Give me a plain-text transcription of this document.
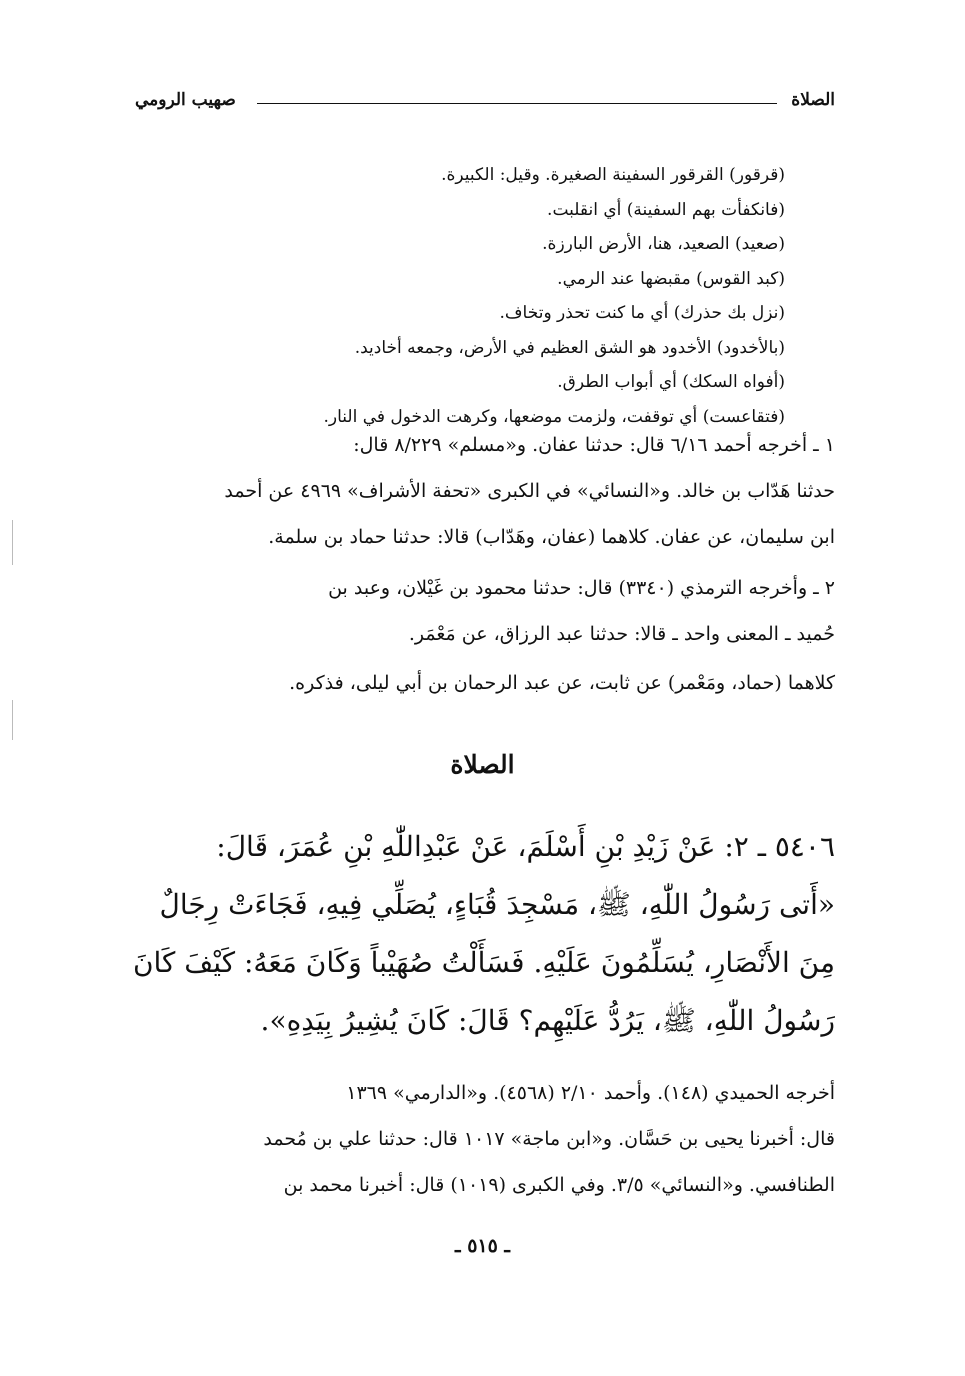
الصلاة
صهيب الرومي
(قرقور) القرقور السفينة الصغيرة. وقيل: الكبيرة.
(فانكفأت بهم السفينة) أي انقلبت.
(صعيد) الصعيد، هنا، الأرض البارزة.
(كبد القوس) مقبضها عند الرمي.
(نزل بك حذرك) أي ما كنت تحذر وتخاف.
(بالأخدود) الأخدود هو الشق العظيم في الأرض، وجمعه أخاديد.
(أفواه السكك) أي أبواب الطرق.
(فتقاعست) أي توقفت، ولزمت موضعها، وكرهت الدخول في النار.
١ ـ أخرجه أحمد ٦/١٦ قال: حدثنا عفان. و«مسلم» ٨/٢٢٩ قال:
حدثنا هَدّاب بن خالد. و«النسائي» في الكبرى «تحفة الأشراف» ٤٩٦٩ عن أحمد
ابن سليمان، عن عفان. كلاهما (عفان، وهَدّاب) قالا: حدثنا حماد بن سلمة.
٢ ـ وأخرجه الترمذي (٣٣٤٠) قال: حدثنا محمود بن غَيْلان، وعبد بن
حُميد ـ المعنى واحد ـ قالا: حدثنا عبد الرزاق، عن مَعْمَر.
كلاهما (حماد، ومَعْمر) عن ثابت، عن عبد الرحمان بن أبي ليلى، فذكره.
الصلاة
٥٤٠٦ ـ ٢: عَنْ زَيْدِ بْنِ أَسْلَمَ، عَنْ عَبْدِاللّٰهِ بْنِ عُمَرَ، قَالَ:
«أَتى رَسُولُ اللّٰهِ، ﷺ، مَسْجِدَ قُبَاءٍ، يُصَلِّي فِيهِ، فَجَاءَتْ رِجَالٌ
مِنَ الأَنْصَارِ، يُسَلِّمُونَ عَلَيْهِ. فَسَأَلْتُ صُهَيْباً وَكَانَ مَعَهُ: كَيْفَ كَانَ
رَسُولُ اللّٰهِ، ﷺ، يَرُدُّ عَلَيْهِم؟ قَالَ: كَانَ يُشِيرُ بِيَدِهِ».
أخرجه الحميدي (١٤٨). وأحمد ٢/١٠ (٤٥٦٨). و«الدارمي» ١٣٦٩
قال: أخبرنا يحيى بن حَسَّان. و«ابن ماجة» ١٠١٧ قال: حدثنا علي بن مُحمد
الطنافسي. و«النسائي» ٣/٥. وفي الكبرى (١٠١٩) قال: أخبرنا محمد بن
ـ ٥١٥ ـ
